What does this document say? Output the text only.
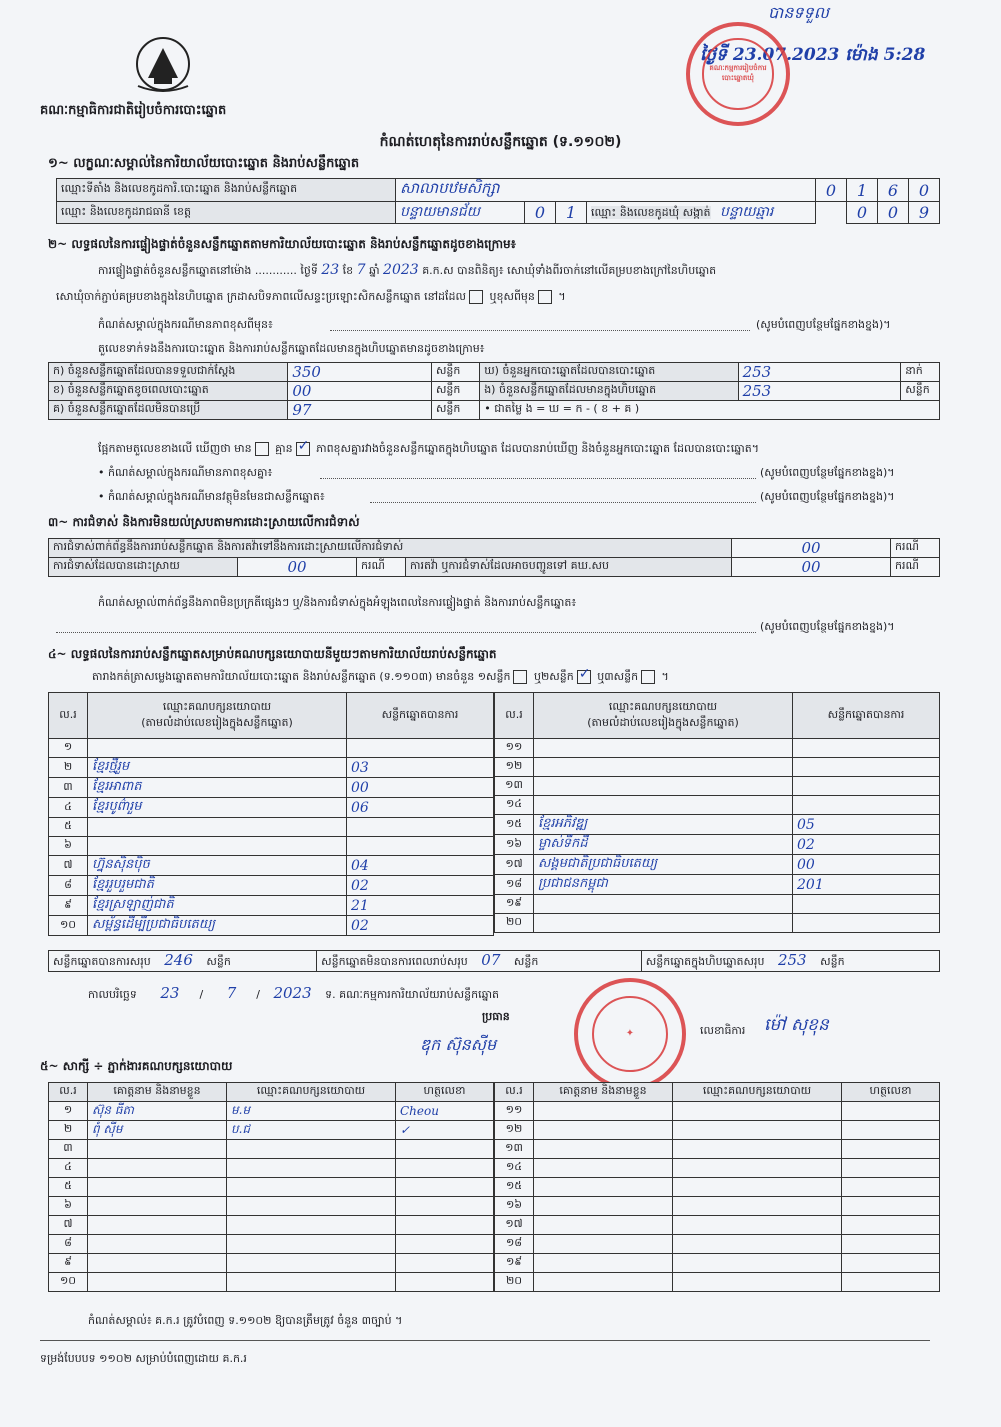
គណៈកម្មាធិការជាតិរៀបចំការបោះឆ្នោត
បានទទួល
ថ្ងៃទី 23.07.2023 ម៉ោង 5:28
គណៈកម្មការរៀបចំការបោះឆ្នោតឃុំ
កំណត់ហេតុនៃការរាប់សន្លឹកឆ្នោត (ទ.១១០២)
១~ លក្ខណៈសម្គាល់នៃការិយាល័យបោះឆ្នោត និងរាប់សន្លឹកឆ្នោត
ឈ្មោះទីតាំង និងលេខកូដការិ.បោះឆ្នោត និងរាប់សន្លឹកឆ្នោត	សាលាបឋមសិក្សា				0	1	6	0
ឈ្មោះ និងលេខកូដរាជធានី ខេត្ត	បន្ទាយមានជ័យ	0	1	ឈ្មោះ និងលេខកូដឃុំ សង្កាត់ បន្ទាយឆ្មារ		0	0	9
២~ លទ្ធផលនៃការផ្ទៀងផ្ទាត់ចំនួនសន្លឹកឆ្នោតតាមការិយាល័យបោះឆ្នោត និងរាប់សន្លឹកឆ្នោតដូចខាងក្រោម៖
ការផ្ទៀងផ្ទាត់ចំនួនសន្លឹកឆ្នោតនៅម៉ោង ............ ថ្ងៃទី 23 ខែ 7 ឆ្នាំ 2023 គ.ក.ស បានពិនិត្យ៖ សោឃុំទាំងពីរចាក់នៅលើគម្របខាងក្រៅនៃហិបឆ្នោត
សោឃុំចាក់ភ្ជាប់គម្របខាងក្នុងនៃហិបឆ្នោត ក្រដាសបិទភាពលើសន្ទះប្រឡោះសិកសន្លឹកឆ្នោត នៅដដែល ឬខុសពីមុន ។
កំណត់សម្គាល់ក្នុងករណីមានភាពខុសពីមុន៖	(សូមបំពេញបន្ថែមផ្នែកខាងខ្នង)។
តួលេខទាក់ទងនឹងការបោះឆ្នោត និងការរាប់សន្លឹកឆ្នោតដែលមានក្នុងហិបឆ្នោតមានដូចខាងក្រោម៖
ក) ចំនួនសន្លឹកឆ្នោតដែលបានទទួលជាក់ស្តែង	350	សន្លឹក	ឃ) ចំនួនអ្នកបោះឆ្នោតដែលបានបោះឆ្នោត	253	នាក់
ខ) ចំនួនសន្លឹកឆ្នោតខូចពេលបោះឆ្នោត	00	សន្លឹក	ង) ចំនួនសន្លឹកឆ្នោតដែលមានក្នុងហិបឆ្នោត	253	សន្លឹក
គ) ចំនួនសន្លឹកឆ្នោតដែលមិនបានប្រើ	97	សន្លឹក	• ជាតម្លៃ ង = ឃ = ក - ( ខ + គ )		
ផ្អែកតាមតួលេខខាងលើ ឃើញថា មាន គ្មាន ✓ ភាពខុសគ្នារវាងចំនួនសន្លឹកឆ្នោតក្នុងហិបឆ្នោត ដែលបានរាប់ឃើញ និងចំនួនអ្នកបោះឆ្នោត ដែលបានបោះឆ្នោត។
• កំណត់សម្គាល់ក្នុងករណីមានភាពខុសគ្នា៖	(សូមបំពេញបន្ថែមផ្នែកខាងខ្នង)។
• កំណត់សម្គាល់ក្នុងករណីមានវត្ថុមិនមែនជាសន្លឹកឆ្នោត៖	(សូមបំពេញបន្ថែមផ្នែកខាងខ្នង)។
៣~ ការជំទាស់ និងការមិនយល់ស្របតាមការដោះស្រាយលើការជំទាស់
ការជំទាស់ពាក់ព័ន្ធនឹងការរាប់សន្លឹកឆ្នោត និងការតវ៉ាទៅនឹងការដោះស្រាយលើការជំទាស់				00	ករណី
ការជំទាស់ដែលបានដោះស្រាយ	00	ករណី	ការតវ៉ា ឬការជំទាស់ដែលអាចបញ្ជូនទៅ គឃ.សប	00	ករណី
កំណត់សម្គាល់ពាក់ព័ន្ធនឹងភាពមិនប្រក្រតីផ្សេងៗ ឬ/និងការជំទាស់ក្នុងអំឡុងពេលនៃការផ្ទៀងផ្ទាត់ និងការរាប់សន្លឹកឆ្នោត៖
(សូមបំពេញបន្ថែមផ្នែកខាងខ្នង)។
៤~ លទ្ធផលនៃការរាប់សន្លឹកឆ្នោតសម្រាប់គណបក្សនយោបាយនីមួយៗតាមការិយាល័យរាប់សន្លឹកឆ្នោត
តារាងកត់ត្រាសម្លេងឆ្នោតតាមការិយាល័យបោះឆ្នោត និងរាប់សន្លឹកឆ្នោត (ទ.១១០៣) មានចំនួន ១សន្លឹក ឬ២សន្លឹក ✓ ឬ៣សន្លឹក ។
ល.រ	ឈ្មោះគណបក្សនយោបាយ
(តាមលំដាប់លេខរៀងក្នុងសន្លឹកឆ្នោត)	សន្លឹកឆ្នោតបានការ
១		
២	ខ្មែរថ្មីរួម	03
៣	ខ្មែរអាពាត	00
៤	ខ្មែរបូព៌ារួម	06
៥		
៦		
៧	ហ្វ៊ុនស៊ិនប៉ិច	04
៨	ខ្មែររួបរួមជាតិ	02
៩	ខ្មែរស្រឡាញ់ជាតិ	21
១០	សម្ព័ន្ធដើម្បីប្រជាធិបតេយ្យ	02
ល.រ	ឈ្មោះគណបក្សនយោបាយ
(តាមលំដាប់លេខរៀងក្នុងសន្លឹកឆ្នោត)	សន្លឹកឆ្នោតបានការ
១១		
១២		
១៣		
១៤		
១៥	ខ្មែរអភិវឌ្ឍ	05
១៦	ម្ចាស់ទឹកដី	02
១៧	សង្គមជាតិប្រជាធិបតេយ្យ	00
១៨	ប្រជាជនកម្ពុជា	201
១៩		
២០		
សន្លឹកឆ្នោតបានការសរុប 246 សន្លឹក	សន្លឹកឆ្នោតមិនបានការពេលរាប់សរុប 07 សន្លឹក	សន្លឹកឆ្នោតក្នុងហិបឆ្នោតសរុប 253 សន្លឹក
កាលបរិច្ឆេទ 23 / 7 / 2023 ទ. គណៈកម្មការការិយាល័យរាប់សន្លឹកឆ្នោត
ប្រធាន
ឌុក ស៊ុនស៊ីម
✦	លេខាធិការ ម៉ៅ សុខុន
៥~ សាក្សី ÷ ភ្នាក់ងារគណបក្សនយោបាយ
ល.រ	គោត្តនាម និងនាមខ្លួន	ឈ្មោះគណបក្សនយោបាយ	ហត្ថលេខា
១	ស៊ុន ធីតា	ម.ម	Cheou
២	ពុំ ស៊ីម	ប.ជ	✓
៣			
៤			
៥			
៦			
៧			
៨			
៩			
១០			
ល.រ	គោត្តនាម និងនាមខ្លួន	ឈ្មោះគណបក្សនយោបាយ	ហត្ថលេខា
១១			
១២			
១៣			
១៤			
១៥			
១៦			
១៧			
១៨			
១៩			
២០			
កំណត់សម្គាល់៖ គ.ក.រ ត្រូវបំពេញ ទ.១១០២ ឱ្យបានត្រឹមត្រូវ ចំនួន ៣ច្បាប់ ។
ទម្រង់បែបបទ ១១០២ សម្រាប់បំពេញដោយ គ.ក.រ
